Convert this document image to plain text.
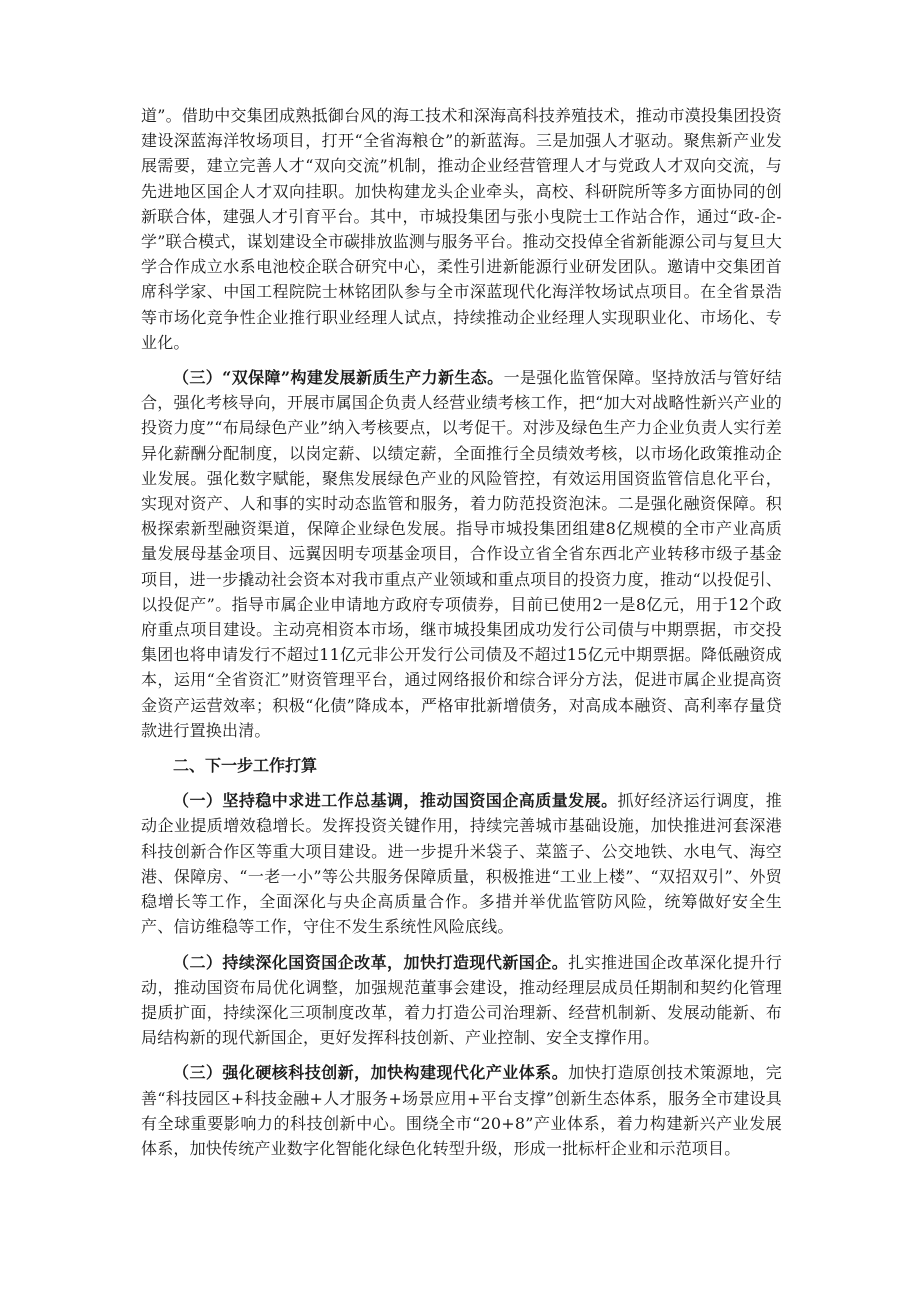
道”。借助中交集团成熟抵御台风的海工技术和深海高科技养殖技术，推动市漠投集团投资建设深蓝海洋牧场项目，打开“全省海粮仓”的新蓝海。三是加强人才驱动。聚焦新产业发展需要，建立完善人才“双向交流”机制，推动企业经营管理人才与党政人才双向交流，与先进地区国企人才双向挂职。加快构建龙头企业牵头，高校、科研院所等多方面协同的创新联合体，建强人才引育平台。其中，市城投集团与张小曳院士工作站合作，通过“政-企-学”联合模式，谋划建设全市碳排放监测与服务平台。推动交投倬全省新能源公司与复旦大学合作成立水系电池校企联合研究中心，柔性引进新能源行业研发团队。邀请中交集团首席科学家、中国工程院院士林铭团队参与全市深蓝现代化海洋牧场试点项目。在全省景浩等市场化竞争性企业推行职业经理人试点，持续推动企业经理人实现职业化、市场化、专业化。

（三）“双保障”构建发展新质生产力新生态。一是强化监管保障。坚持放活与管好结合，强化考核导向，开展市属国企负责人经营业绩考核工作，把“加大对战略性新兴产业的投资力度”“布局绿色产业”纳入考核要点，以考促干。对涉及绿色生产力企业负责人实行差异化薪酬分配制度，以岗定薪、以绩定薪，全面推行全员绩效考核，以市场化政策推动企业发展。强化数字赋能，聚焦发展绿色产业的风险管控，有效运用国资监管信息化平台，实现对资产、人和事的实时动态监管和服务，着力防范投资泡沫。二是强化融资保障。积极探索新型融资渠道，保障企业绿色发展。指导市城投集团组建8亿规模的全市产业高质量发展母基金项目、远翼因明专项基金项目，合作设立省全省东西北产业转移市级子基金项目，进一步撬动社会资本对我市重点产业领域和重点项目的投资力度，推动“以投促引、以投促产”。指导市属企业申请地方政府专项债券，目前已使用2一是8亿元，用于12个政府重点项目建设。主动亮相资本市场，继市城投集团成功发行公司债与中期票据，市交投集团也将申请发行不超过11亿元非公开发行公司债及不超过15亿元中期票据。降低融资成本，运用“全省资汇”财资管理平台，通过网络报价和综合评分方法，促进市属企业提高资金资产运营效率；积极“化债”降成本，严格审批新增债务，对高成本融资、高利率存量贷款进行置换出清。

二、下一步工作打算

（一）坚持稳中求进工作总基调，推动国资国企高质量发展。抓好经济运行调度，推动企业提质增效稳增长。发挥投资关键作用，持续完善城市基础设施，加快推进河套深港科技创新合作区等重大项目建设。进一步提升米袋子、菜篮子、公交地铁、水电气、海空港、保障房、“一老一小”等公共服务保障质量，积极推进“工业上楼”、“双招双引”、外贸稳增长等工作，全面深化与央企高质量合作。多措并举优监管防风险，统筹做好安全生产、信访维稳等工作，守住不发生系统性风险底线。

（二）持续深化国资国企改革，加快打造现代新国企。扎实推进国企改革深化提升行动，推动国资布局优化调整，加强规范董事会建设，推动经理层成员任期制和契约化管理提质扩面，持续深化三项制度改革，着力打造公司治理新、经营机制新、发展动能新、布局结构新的现代新国企，更好发挥科技创新、产业控制、安全支撑作用。

（三）强化硬核科技创新，加快构建现代化产业体系。加快打造原创技术策源地，完善“科技园区+科技金融+人才服务+场景应用+平台支撑”创新生态体系，服务全市建设具有全球重要影响力的科技创新中心。围绕全市“20+8”产业体系，着力构建新兴产业发展体系，加快传统产业数字化智能化绿色化转型升级，形成一批标杆企业和示范项目。
